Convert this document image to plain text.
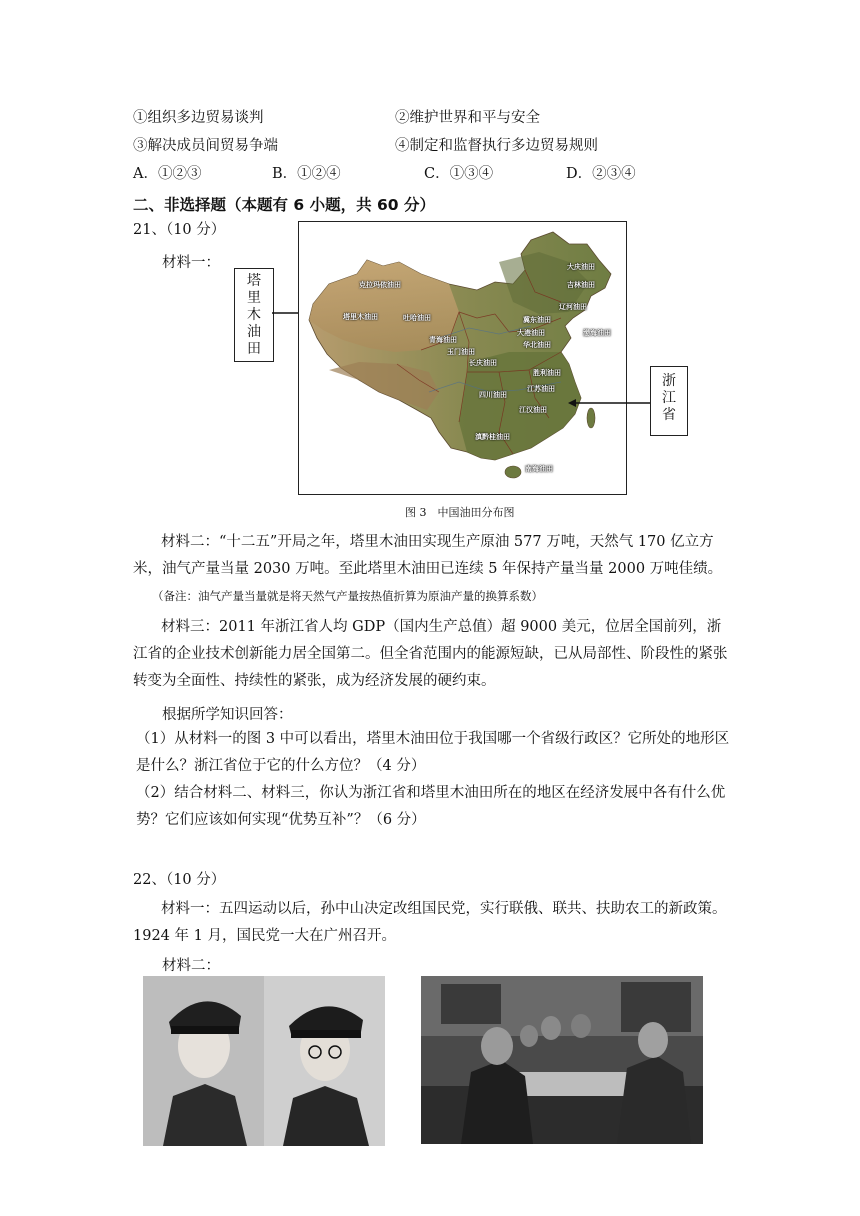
①组织多边贸易谈判	②维护世界和平与安全
③解决成员间贸易争端	④制定和监督执行多边贸易规则
A．①②③	B．①②④	C．①③④	D．②③④
二、非选择题（本题有 6 小题，共 60 分）
21、（10 分）
材料一：
塔里木油田
大庆油田
吉林油田
克拉玛依油田
塔里木油田	吐哈油田
辽河油田
冀东油田
大港油田	渤海油田
青海油田
华北油田
玉门油田
长庆油田
胜利油田
江苏油田
四川油田
江汉油田
滇黔桂油田
南海油田
浙江省
图 3　中国油田分布图
材料二：“十二五”开局之年，塔里木油田实现生产原油 577 万吨，天然气 170 亿立方米，油气产量当量 2030 万吨。至此塔里木油田已连续 5 年保持产量当量 2000 万吨佳绩。
（备注：油气产量当量就是将天然气产量按热值折算为原油产量的换算系数）
材料三：2011 年浙江省人均 GDP（国内生产总值）超 9000 美元，位居全国前列，浙江省的企业技术创新能力居全国第二。但全省范围内的能源短缺，已从局部性、阶段性的紧张转变为全面性、持续性的紧张，成为经济发展的硬约束。
根据所学知识回答：
（1）从材料一的图 3 中可以看出，塔里木油田位于我国哪一个省级行政区？它所处的地形区是什么？浙江省位于它的什么方位？（4 分）
（2）结合材料二、材料三，你认为浙江省和塔里木油田所在的地区在经济发展中各有什么优势？它们应该如何实现“优势互补”？（6 分）
22、（10 分）
材料一：五四运动以后，孙中山决定改组国民党，实行联俄、联共、扶助农工的新政策。1924 年 1 月，国民党一大在广州召开。
材料二：
